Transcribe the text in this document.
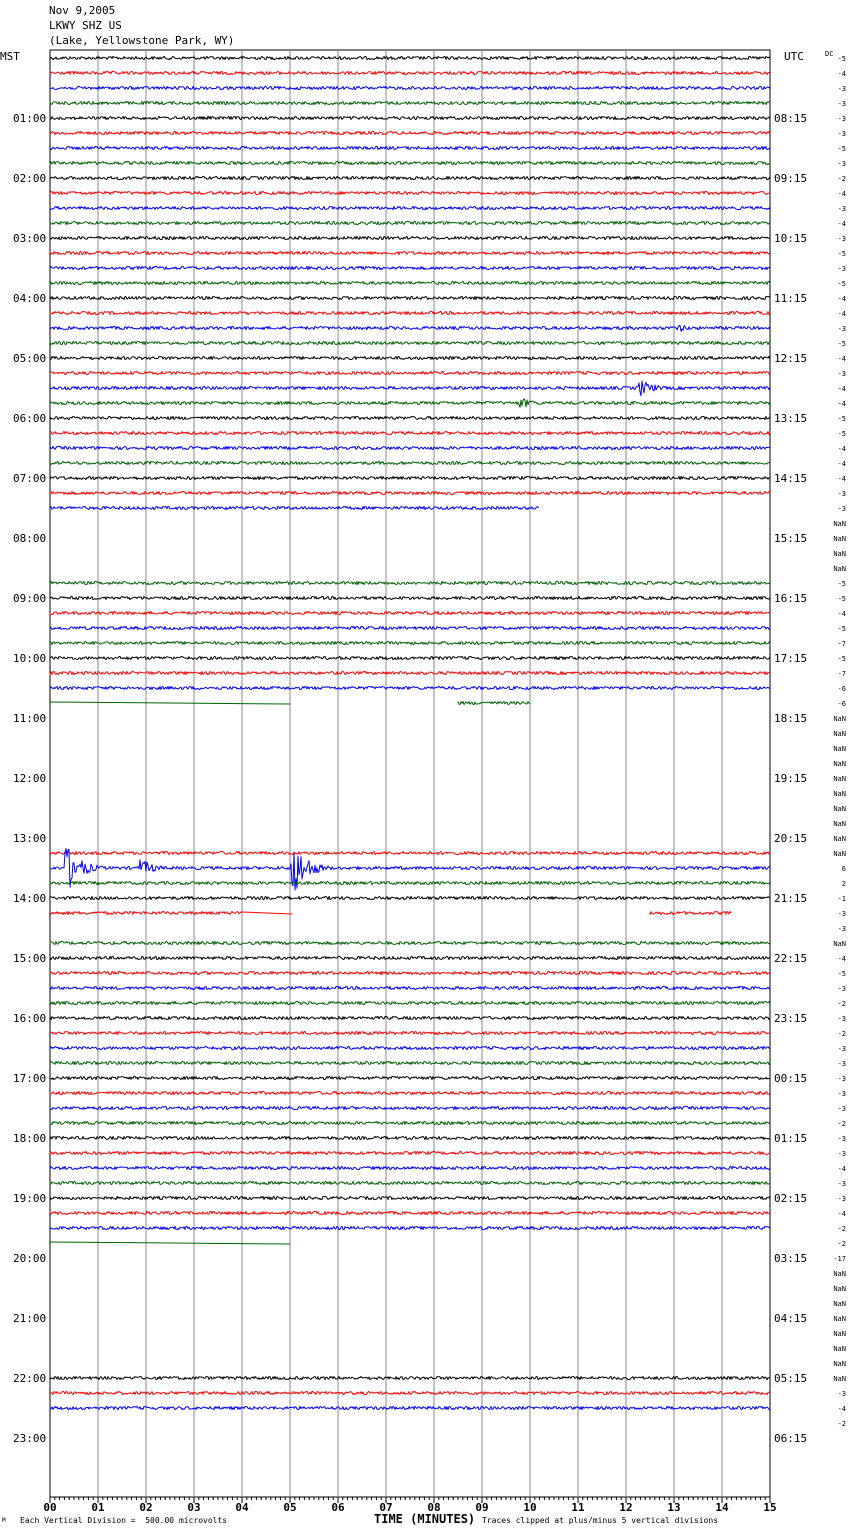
Nov 9,2005
LKWY SHZ US
(Lake, Yellowstone Park, WY)
00	01	02	03	04	05	06	07	08	09	10	11	12	13	14	15
MST	UTC	DC
01:00
02:00
03:00
04:00
05:00
06:00
07:00
08:00
09:00
10:00
11:00
12:00
13:00
14:00
15:00
16:00
17:00
18:00
19:00
20:00
21:00
22:00
23:00
08:15
09:15
10:15
11:15
12:15
13:15
14:15
15:15
16:15
17:15
18:15
19:15
20:15
21:15
22:15
23:15
00:15
01:15
02:15
03:15
04:15
05:15
06:15
-5
-4
-3
-3
-3
-3
-5
-3
-2
-4
-3
-4
-3
-5
-3
-5
-4
-4
-3
-5
-4
-3
-4
-4
-5
-5
-4
-4
-4
-3
-3
NaN
NaN
NaN
NaN
-5
-5
-4
-5
-7
-5
-7
-6
-6
NaN
NaN
NaN
NaN
NaN
NaN
NaN
NaN
NaN
NaN
6
2
-1
-3
-3
NaN
-4
-5
-3
-2
-3
-2
-3
-3
-3
-3
-3
-2
-3
-3
-4
-3
-3
-4
-2
-2
-17
NaN
NaN
NaN
NaN
NaN
NaN
NaN
NaN
-3
-4
-2
TIME (MINUTES)
M Each Vertical Division =  500.00 microvolts	Traces clipped at plus/minus 5 vertical divisions
